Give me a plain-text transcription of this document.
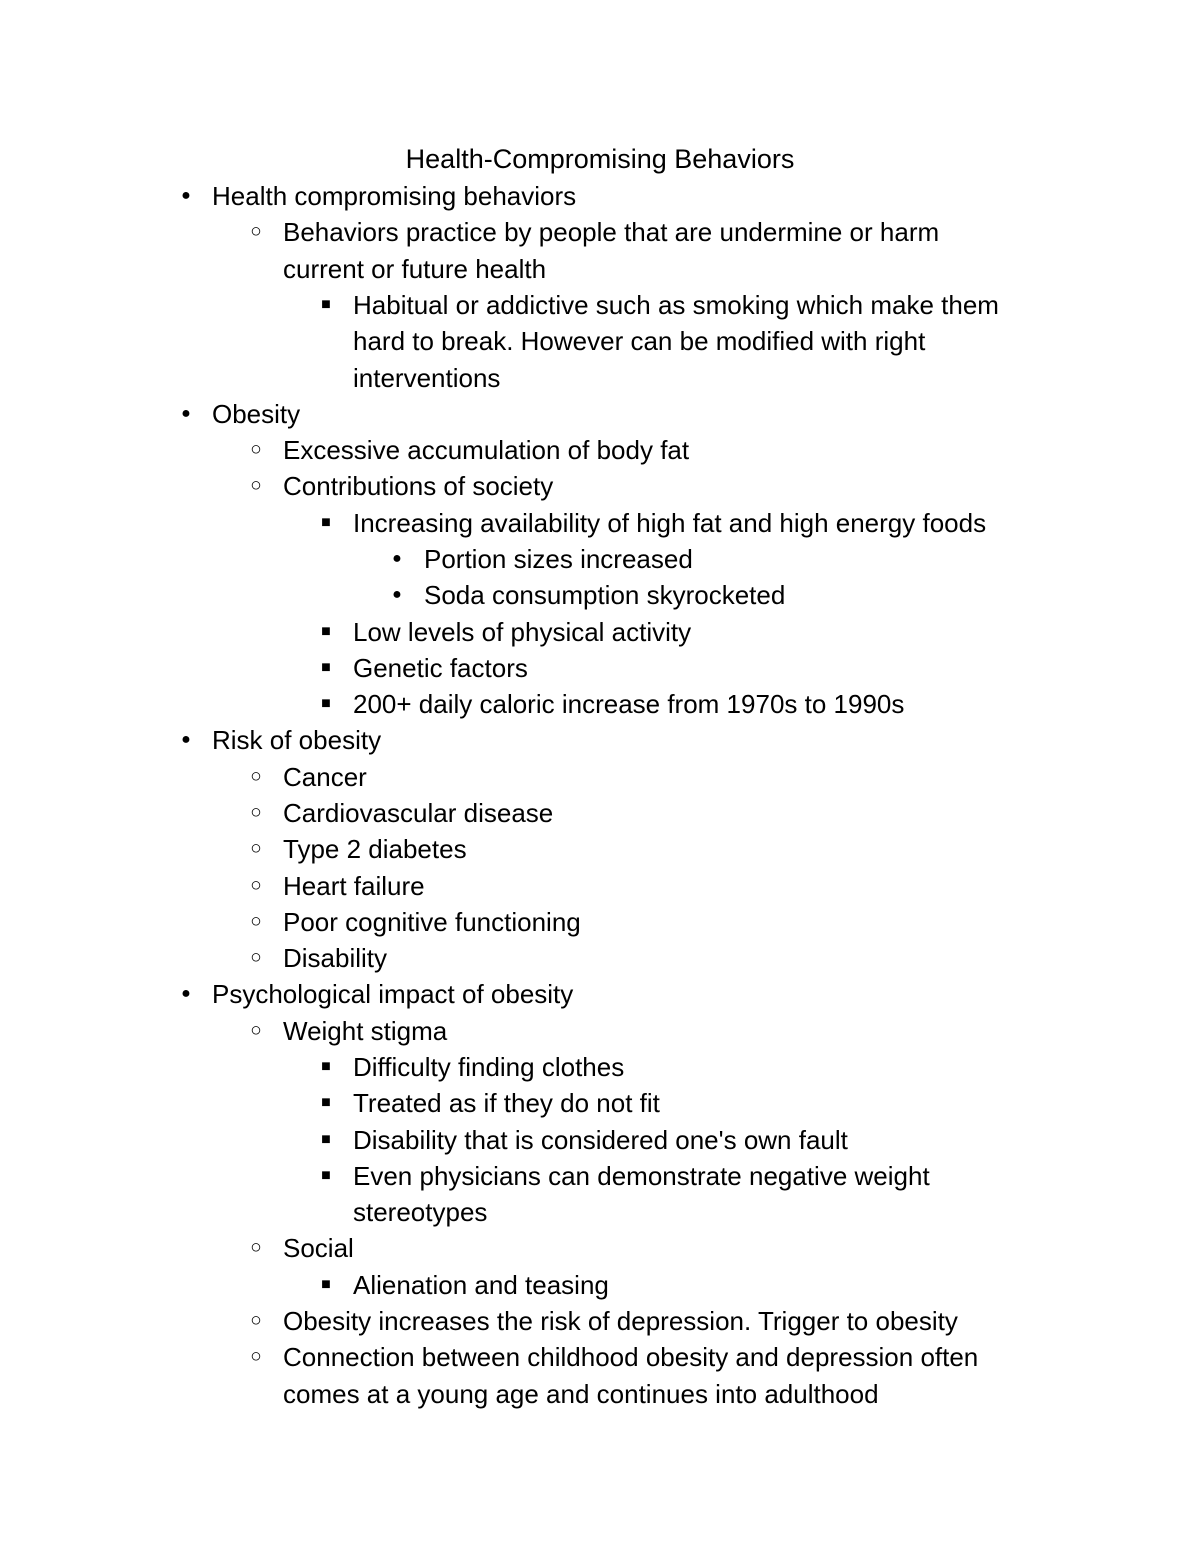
Health-Compromising Behaviors
● Health compromising behaviors
○ Behaviors practice by people that are undermine or harm
current or future health
■ Habitual or addictive such as smoking which make them
hard to break. However can be modified with right
interventions
● Obesity
○ Excessive accumulation of body fat
○ Contributions of society
■ Increasing availability of high fat and high energy foods
● Portion sizes increased
● Soda consumption skyrocketed
■ Low levels of physical activity
■ Genetic factors
■ 200+ daily caloric increase from 1970s to 1990s
● Risk of obesity
○ Cancer
○ Cardiovascular disease
○ Type 2 diabetes
○ Heart failure
○ Poor cognitive functioning
○ Disability
● Psychological impact of obesity
○ Weight stigma
■ Difficulty finding clothes
■ Treated as if they do not fit
■ Disability that is considered one's own fault
■ Even physicians can demonstrate negative weight
stereotypes
○ Social
■ Alienation and teasing
○ Obesity increases the risk of depression. Trigger to obesity
○ Connection between childhood obesity and depression often
comes at a young age and continues into adulthood
